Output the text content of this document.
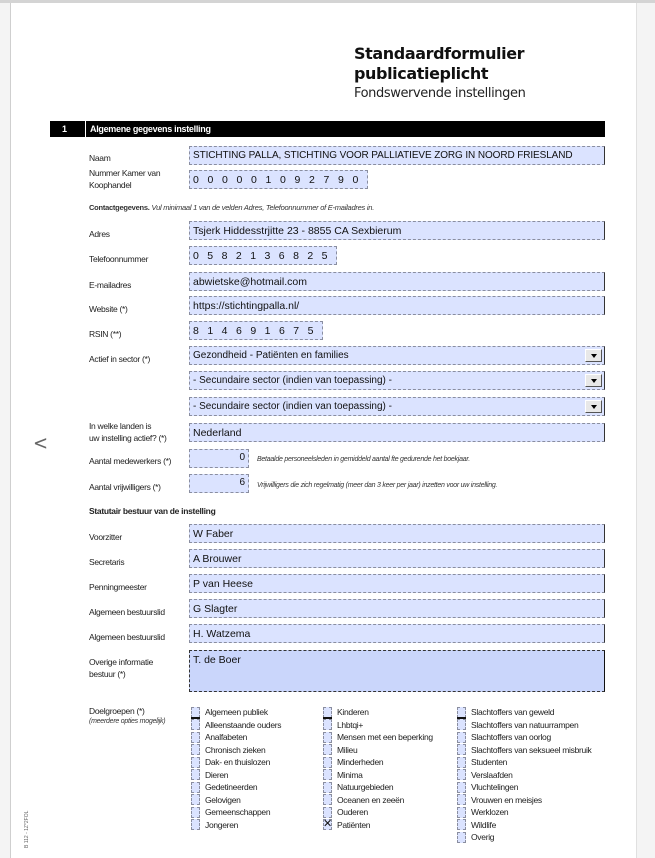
Standaardformulier
publicatieplicht
Fondswervende instellingen
1	Algemene gegevens instelling
Naam	STICHTING PALLA, STICHTING VOOR PALLIATIEVE ZORG IN NOORD FRIESLAND
Nummer Kamer van
Koophandel	0 0 0 0 0 1 0 9 2 7 9 0
Contactgegevens. Vul minimaal 1 van de velden Adres, Telefoonnummer of E-mailadres in.
Adres	Tsjerk Hiddesstrjitte 23 - 8855 CA Sexbierum
Telefoonnummer	0 5 8 2 1 3 6 8 2 5
E-mailadres	abwietske@hotmail.com
Website (*)	https://stichtingpalla.nl/
RSIN (**)	8 1 4 6 9 1 6 7 5
Actief in sector (*)	Gezondheid - Patiënten en families
- Secundaire sector (indien van toepassing) -
- Secundaire sector (indien van toepassing) -
In welke landen is
uw instelling actief? (*)	Nederland
Aantal medewerkers (*)	0	Betaalde personeelsleden in gemiddeld aantal fte gedurende het boekjaar.
Aantal vrijwilligers (*)	6	Vrijwilligers die zich regelmatig (meer dan 3 keer per jaar) inzetten voor uw instelling.
Statutair bestuur van de instelling
Voorzitter	W Faber
Secretaris	A Brouwer
Penningmeester	P van Heese
Algemeen bestuurslid	G Slagter
Algemeen bestuurslid	H. Watzema
Overige informatie
bestuur (*)
T. de Boer
Doelgroepen (*)
(meerdere opties mogelijk)
Algemeen publiek
Alleenstaande ouders
Analfabeten
Chronisch zieken
Dak- en thuislozen
Dieren
Gedetineerden
Gelovigen
Gemeenschappen
Jongeren
Kinderen
Lhbtqi+
Mensen met een beperking
Milieu
Minderheden
Minima
Natuurgebieden
Oceanen en zeeën
Ouderen
✕
Patiënten
Slachtoffers van geweld
Slachtoffers van natuurrampen
Slachtoffers van oorlog
Slachtoffers van seksueel misbruik
Studenten
Verslaafden
Vluchtelingen
Vrouwen en meisjes
Werklozen
Wildlife
Overig
<
B 112 - 1Z*2FOL
